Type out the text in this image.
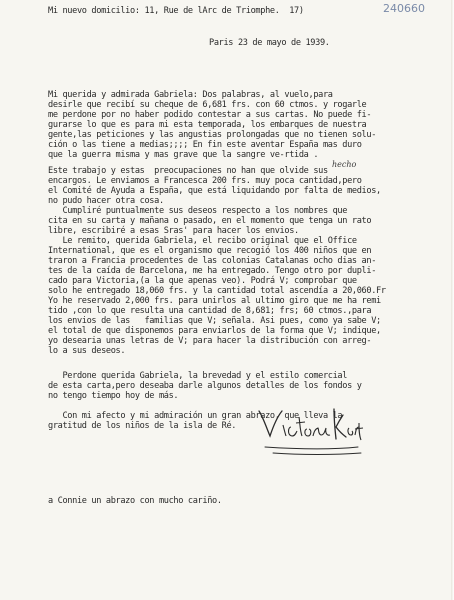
Mi nuevo domicilio: 11, Rue de lArc de Triomphe.  17)	240660
Paris 23 de mayo de 1939.
Mi querida y admirada Gabriela: Dos palabras, al vuelo,para
desirle que recibí su cheque de 6,681 frs. con 60 ctmos. y rogarle
me perdone por no haber podido contestar a sus cartas. No puede fi-
gurarse lo que es para mi esta temporada, los embarques de nuestra
gente,las peticiones y las angustias prolongadas que no tienen solu-
ción o las tiene a medias;;;; En fin este aventar España mas duro
que la guerra misma y mas grave que la sangre ve-rtida .
hecho
Este trabajo y estas  preocupaciones no han que olvide sus
encargos. Le enviamos a Francesca 200 frs. muy poca cantidad,pero
el Comité de Ayuda a España, que está liquidando por falta de medios,
no pudo hacer otra cosa.
Cumpliré puntualmente sus deseos respecto a los nombres que
cita en su carta y mañana o pasado, en el momento que tenga un rato
libre, escribiré a esas Sras' para hacer los envios.
Le remito, querida Gabriela, el recibo original que el Office
International, que es el organismo que recogió los 400 niños que en
traron a Francia procedentes de las colonias Catalanas ocho dias an-
tes de la caída de Barcelona, me ha entregado. Tengo otro por dupli-
cado para Victoria,(a la que apenas veo). Podrá V; comprobar que
solo he entregado 18,060 frs. y la cantidad total ascendía a 20,060.Fr
Yo he reservado 2,000 frs. para unirlos al ultimo giro que me ha remi
tido ,con lo que resulta una cantidad de 8,681; frs; 60 ctmos.,para
los envios de las   familias que V; señala. Asi pues, como ya sabe V;
el total de que disponemos para enviarlos de la forma que V; indique,
yo desearia unas letras de V; para hacer la distribución con arreg-
lo a sus deseos.
Perdone querida Gabriela, la brevedad y el estilo comercial
de esta carta,pero deseaba darle algunos detalles de los fondos y
no tengo tiempo hoy de más.

Con mi afecto y mi admiración un gran abrazo, que lleva la
gratitud de los niños de la isla de Ré.
a Connie un abrazo con mucho cariño.
